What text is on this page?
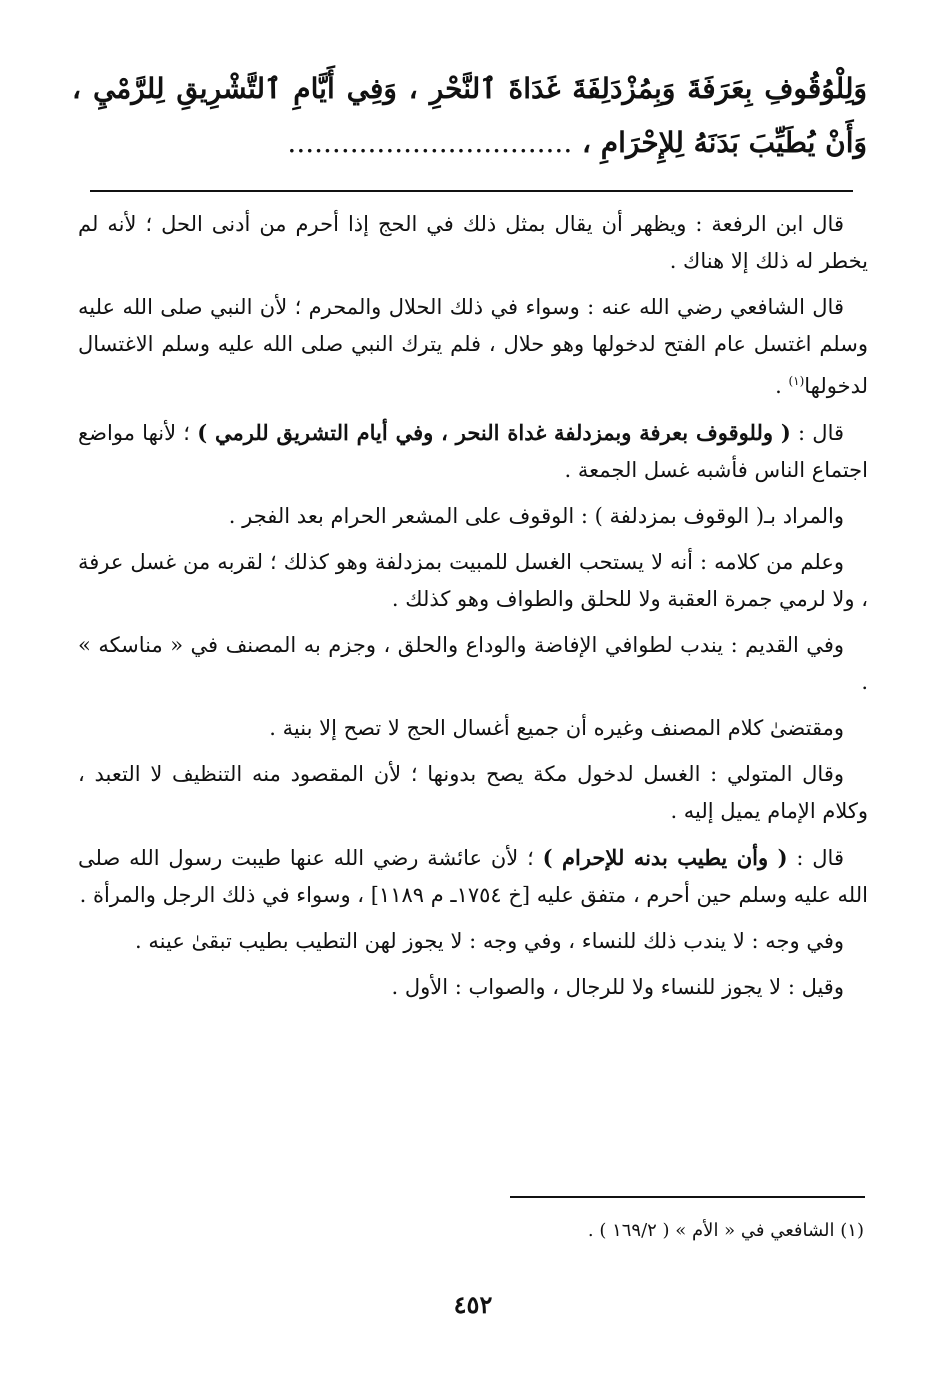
وَلِلْوُقُوفِ بِعَرَفَةَ وَبِمُزْدَلِفَةَ غَدَاةَ ٱلنَّحْرِ ، وَفِي أَيَّامِ ٱلتَّشْرِيقِ لِلرَّمْيِ ، وَأَنْ يُطَيِّبَ بَدَنَهُ لِلإِحْرَامِ ، ................................

قال ابن الرفعة : ويظهر أن يقال بمثل ذلك في الحج إذا أحرم من أدنى الحل ؛ لأنه لم يخطر له ذلك إلا هناك .

قال الشافعي رضي الله عنه : وسواء في ذلك الحلال والمحرم ؛ لأن النبي صلى الله عليه وسلم اغتسل عام الفتح لدخولها وهو حلال ، فلم يترك النبي صلى الله عليه وسلم الاغتسال لدخولها$^{(١)}$ .

قال : ( وللوقوف بعرفة وبمزدلفة غداة النحر ، وفي أيام التشريق للرمي ) ؛ لأنها مواضع اجتماع الناس فأشبه غسل الجمعة .

والمراد بـ( الوقوف بمزدلفة ) : الوقوف على المشعر الحرام بعد الفجر .

وعلم من كلامه : أنه لا يستحب الغسل للمبيت بمزدلفة وهو كذلك ؛ لقربه من غسل عرفة ، ولا لرمي جمرة العقبة ولا للحلق والطواف وهو كذلك .

وفي القديم : يندب لطوافي الإفاضة والوداع والحلق ، وجزم به المصنف في « مناسكه » .

ومقتضىٰ كلام المصنف وغيره أن جميع أغسال الحج لا تصح إلا بنية .

وقال المتولي : الغسل لدخول مكة يصح بدونها ؛ لأن المقصود منه التنظيف لا التعبد ، وكلام الإمام يميل إليه .

قال : ( وأن يطيب بدنه للإحرام ) ؛ لأن عائشة رضي الله عنها طيبت رسول الله صلى الله عليه وسلم حين أحرم ، متفق عليه [خ ١٧٥٤ـ م ١١٨٩] ، وسواء في ذلك الرجل والمرأة .

وفي وجه : لا يندب ذلك للنساء ، وفي وجه : لا يجوز لهن التطيب بطيب تبقىٰ عينه .

وقيل : لا يجوز للنساء ولا للرجال ، والصواب : الأول .

(١) الشافعي في « الأم » ( ١٦٩/٢ ) .
٤٥٢
